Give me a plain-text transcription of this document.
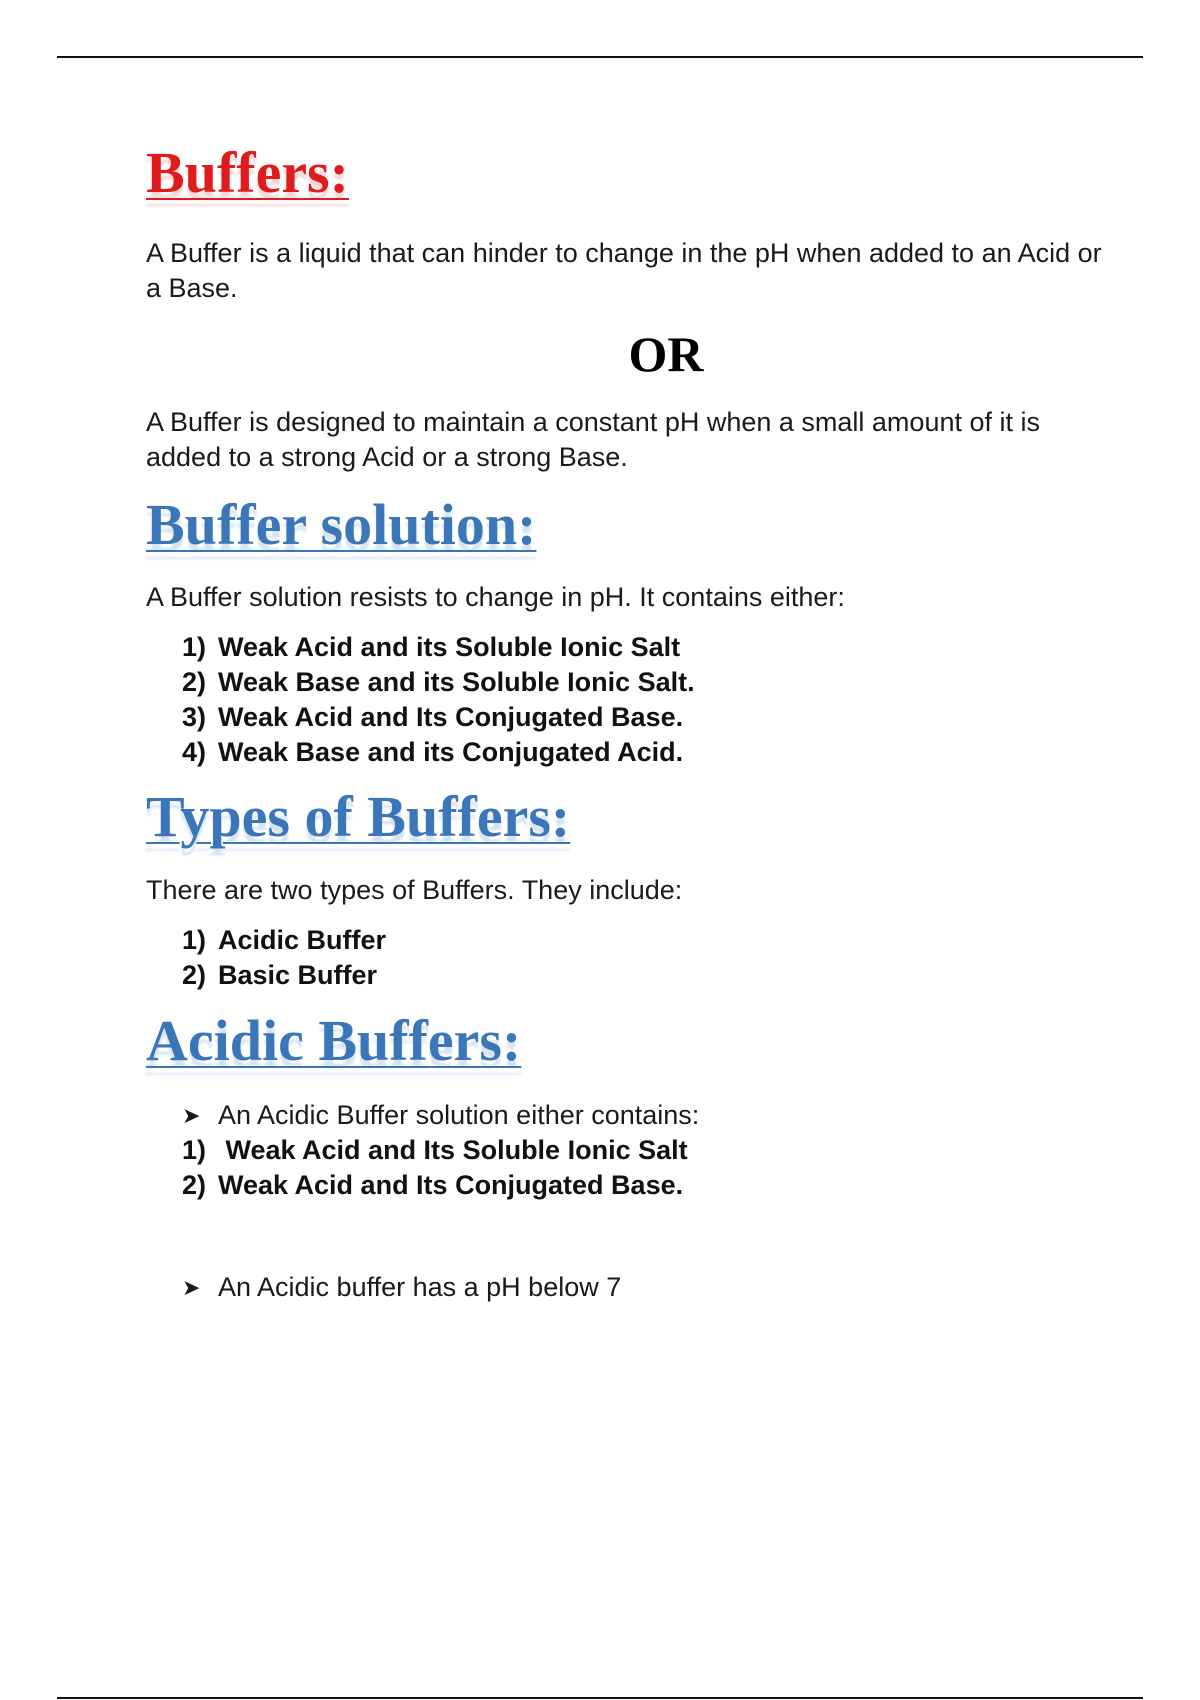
Buffers:

A Buffer is a liquid that can hinder to change in the pH when added to an Acid or a Base.

OR

A Buffer is designed to maintain a constant pH when a small amount of it is added to a strong Acid or a strong Base.

Buffer solution:

A Buffer solution resists to change in pH. It contains either:

1) Weak Acid and its Soluble Ionic Salt
2) Weak Base and its Soluble Ionic Salt.
3) Weak Acid and Its Conjugated Base.
4) Weak Base and its Conjugated Acid.
Types of Buffers:

There are two types of Buffers. They include:

1) Acidic Buffer
2) Basic Buffer
Acidic Buffers:
➤ An Acidic Buffer solution either contains:
1) Weak Acid and Its Soluble Ionic Salt
2) Weak Acid and Its Conjugated Base.
➤ An Acidic buffer has a pH below 7
